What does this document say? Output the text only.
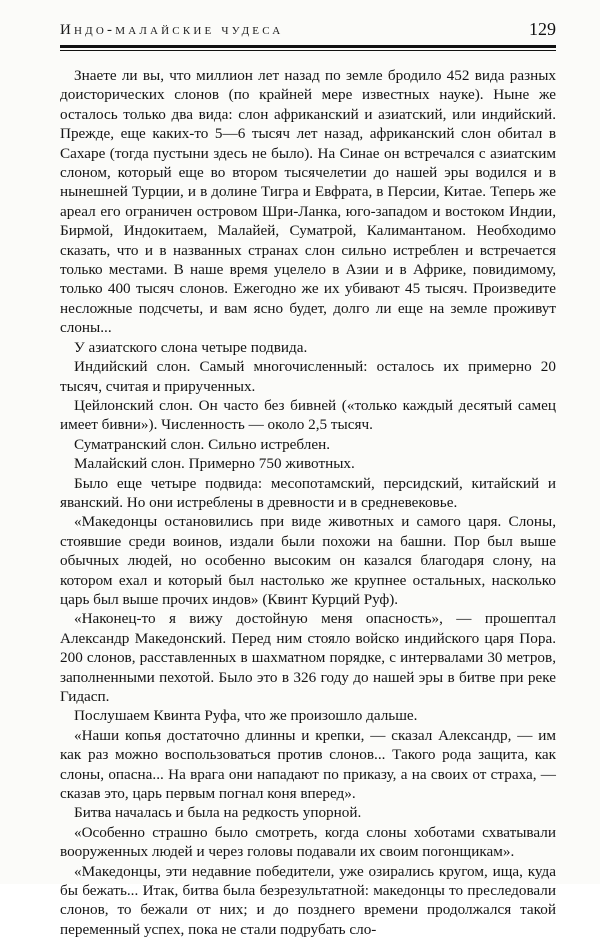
Индо-малайские чудеса	129

Знаете ли вы, что миллион лет назад по земле бродило 452 вида разных доисторических слонов (по крайней мере известных науке). Ныне же осталось только два вида: слон африканский и азиатский, или индийский. Прежде, еще каких-то 5—6 тысяч лет назад, африканский слон обитал в Сахаре (тогда пустыни здесь не было). На Синае он встречался с азиатским слоном, который еще во втором тысячелетии до нашей эры водился и в нынешней Турции, и в долине Тигра и Евфрата, в Персии, Китае. Теперь же ареал его ограничен островом Шри-Ланка, юго-западом и востоком Индии, Бирмой, Индокитаем, Малайей, Суматрой, Калимантаном. Необходимо сказать, что и в названных странах слон сильно истреблен и встречается только местами. В наше время уцелело в Азии и в Африке, повидимому, только 400 тысяч слонов. Ежегодно же их убивают 45 тысяч. Произведите несложные подсчеты, и вам ясно будет, долго ли еще на земле проживут слоны...

У азиатского слона четыре подвида.

Индийский слон. Самый многочисленный: осталось их примерно 20 тысяч, считая и прирученных.

Цейлонский слон. Он часто без бивней («только каждый десятый самец имеет бивни»). Численность — около 2,5 тысяч.

Суматранский слон. Сильно истреблен.

Малайский слон. Примерно 750 животных.

Было еще четыре подвида: месопотамский, персидский, китайский и яванский. Но они истреблены в древности и в средневековье.

«Македонцы остановились при виде животных и самого царя. Слоны, стоявшие среди воинов, издали были похожи на башни. Пор был выше обычных людей, но особенно высоким он казался благодаря слону, на котором ехал и который был настолько же крупнее остальных, насколько царь был выше прочих индов» (Квинт Курций Руф).

«Наконец-то я вижу достойную меня опасность», — прошептал Александр Македонский. Перед ним стояло войско индийского царя Пора. 200 слонов, расставленных в шахматном порядке, с интервалами 30 метров, заполненными пехотой. Было это в 326 году до нашей эры в битве при реке Гидасп.

Послушаем Квинта Руфа, что же произошло дальше.

«Наши копья достаточно длинны и крепки, — сказал Александр, — им как раз можно воспользоваться против слонов... Такого рода защита, как слоны, опасна... На врага они нападают по приказу, а на своих от страха, — сказав это, царь первым погнал коня вперед».

Битва началась и была на редкость упорной.

«Особенно страшно было смотреть, когда слоны хоботами схватывали вооруженных людей и через головы подавали их своим погонщикам».

«Македонцы, эти недавние победители, уже озирались кругом, ища, куда бы бежать... Итак, битва была безрезультатной: македонцы то преследовали слонов, то бежали от них; и до позднего времени продолжался такой переменный успех, пока не стали подрубать сло-
